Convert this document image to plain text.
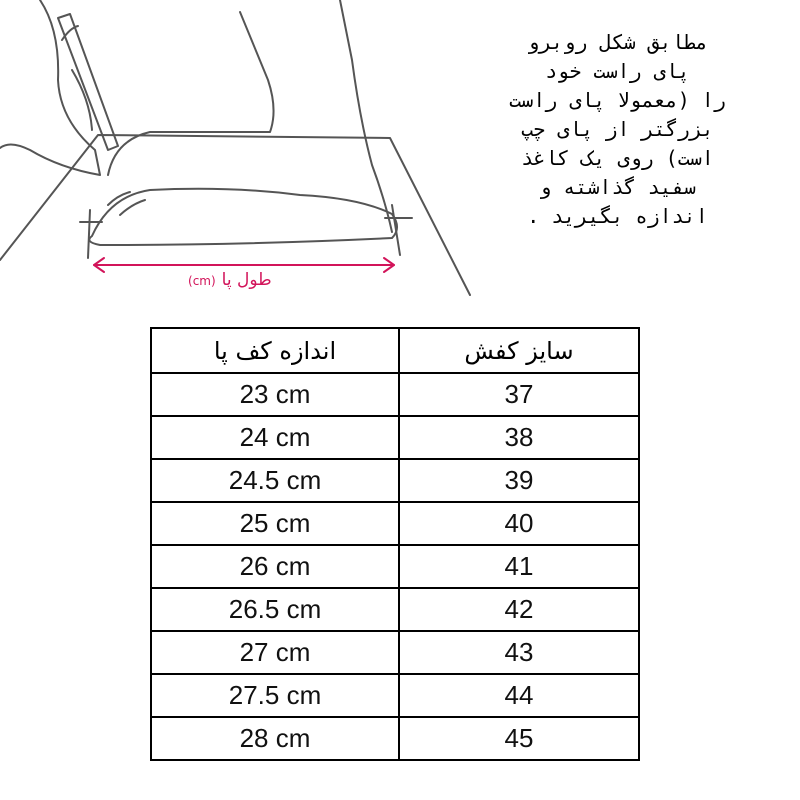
طول پا(cm)
مطابق شکل روبرو
پای راست خود
را (معمولا پای راست
بزرگتر از پای چپ
است) روی یک کاغذ
سفید گذاشته و
اندازه بگیرید .
اندازه کف پا	سایز کفش
23 cm	37
24 cm	38
24.5 cm	39
25 cm	40
26 cm	41
26.5 cm	42
27 cm	43
27.5 cm	44
28 cm	45
